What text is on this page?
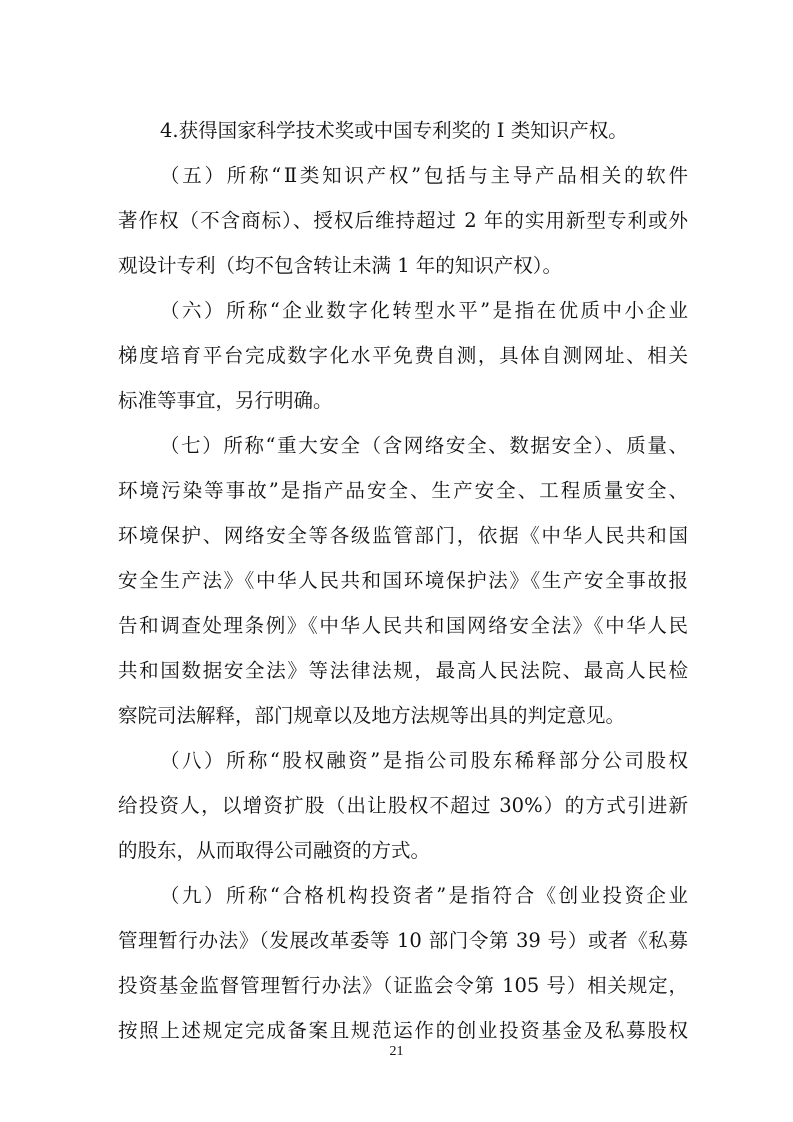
4.获得国家科学技术奖或中国专利奖的 I 类知识产权。
（五）所称“Ⅱ类知识产权”包括与主导产品相关的软件
著作权（不含商标）、授权后维持超过 2 年的实用新型专利或外
观设计专利（均不包含转让未满 1 年的知识产权）。
（六）所称“企业数字化转型水平”是指在优质中小企业
梯度培育平台完成数字化水平免费自测，具体自测网址、相关
标准等事宜，另行明确。
（七）所称“重大安全（含网络安全、数据安全）、质量、
环境污染等事故”是指产品安全、生产安全、工程质量安全、
环境保护、网络安全等各级监管部门，依据《中华人民共和国
安全生产法》《中华人民共和国环境保护法》《生产安全事故报
告和调查处理条例》《中华人民共和国网络安全法》《中华人民
共和国数据安全法》等法律法规，最高人民法院、最高人民检
察院司法解释，部门规章以及地方法规等出具的判定意见。
（八）所称“股权融资”是指公司股东稀释部分公司股权
给投资人，以增资扩股（出让股权不超过 30%）的方式引进新
的股东，从而取得公司融资的方式。
（九）所称“合格机构投资者”是指符合《创业投资企业
管理暂行办法》（发展改革委等 10 部门令第 39 号）或者《私募
投资基金监督管理暂行办法》（证监会令第 105 号）相关规定，
按照上述规定完成备案且规范运作的创业投资基金及私募股权
21
